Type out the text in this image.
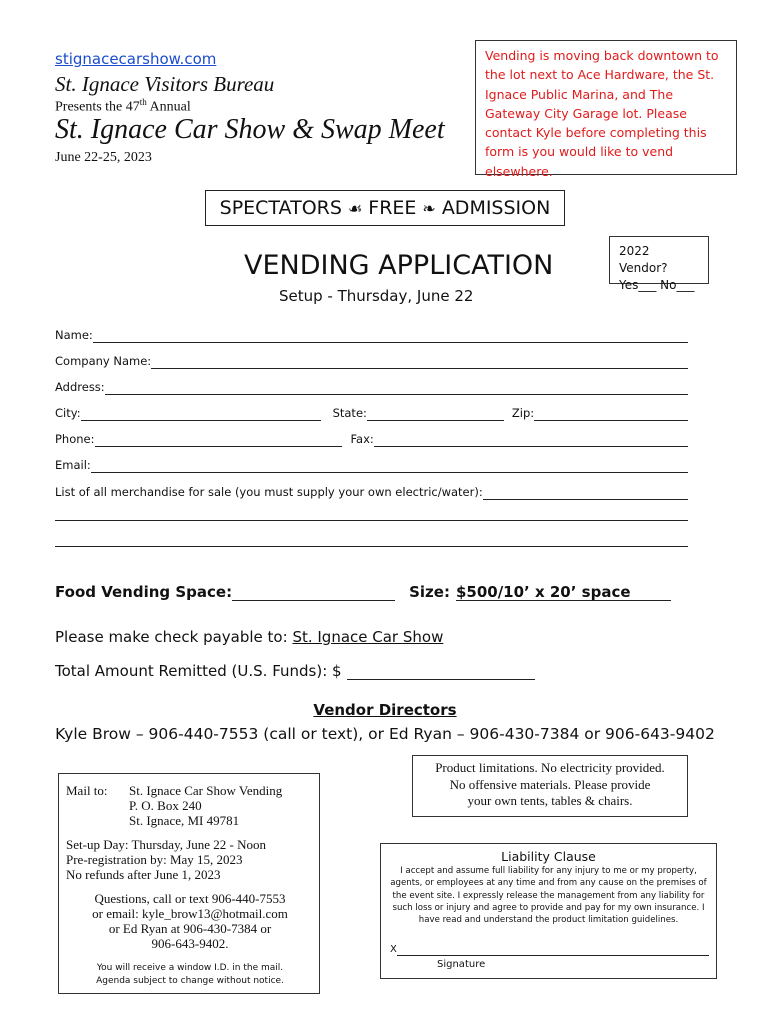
stignacecarshow.com
St. Ignace Visitors Bureau
Presents the 47th Annual
St. Ignace Car Show & Swap Meet
June 22-25, 2023
Vending is moving back downtown to the lot next to Ace Hardware, the St. Ignace Public Marina, and The Gateway City Garage lot. Please contact Kyle before completing this form is you would like to vend elsewhere.
SPECTATORS ☙ FREE ❧ ADMISSION
VENDING APPLICATION
Setup - Thursday, June 22
2022 Vendor?
Yes___ No___
Name:
Company Name:
Address:
City:	State:	Zip:
Phone:	Fax:
Email:
List of all merchandise for sale (you must supply your own electric/water):
Food Vending Space:	Size: $500/10’ x 20’ space
Please make check payable to: St. Ignace Car Show
Total Amount Remitted (U.S. Funds): $
Vendor Directors
Kyle Brow – 906-440-7553 (call or text), or Ed Ryan – 906-430-7384 or 906-643-9402
Mail to: St. Ignace Car Show Vending
P. O. Box 240
St. Ignace, MI 49781
Set-up Day: Thursday, June 22 - Noon
Pre-registration by: May 15, 2023
No refunds after June 1, 2023
Questions, call or text 906-440-7553
or email: kyle_brow13@hotmail.com
or Ed Ryan at 906-430-7384 or
906-643-9402.
You will receive a window I.D. in the mail.
Agenda subject to change without notice.
Product limitations. No electricity provided.
No offensive materials. Please provide
your own tents, tables & chairs.
Liability Clause
I accept and assume full liability for any injury to me or my property, agents, or employees at any time and from any cause on the premises of the event site. I expressly release the management from any liability for such loss or injury and agree to provide and pay for my own insurance. I have read and understand the product limitation guidelines.
X
Signature
